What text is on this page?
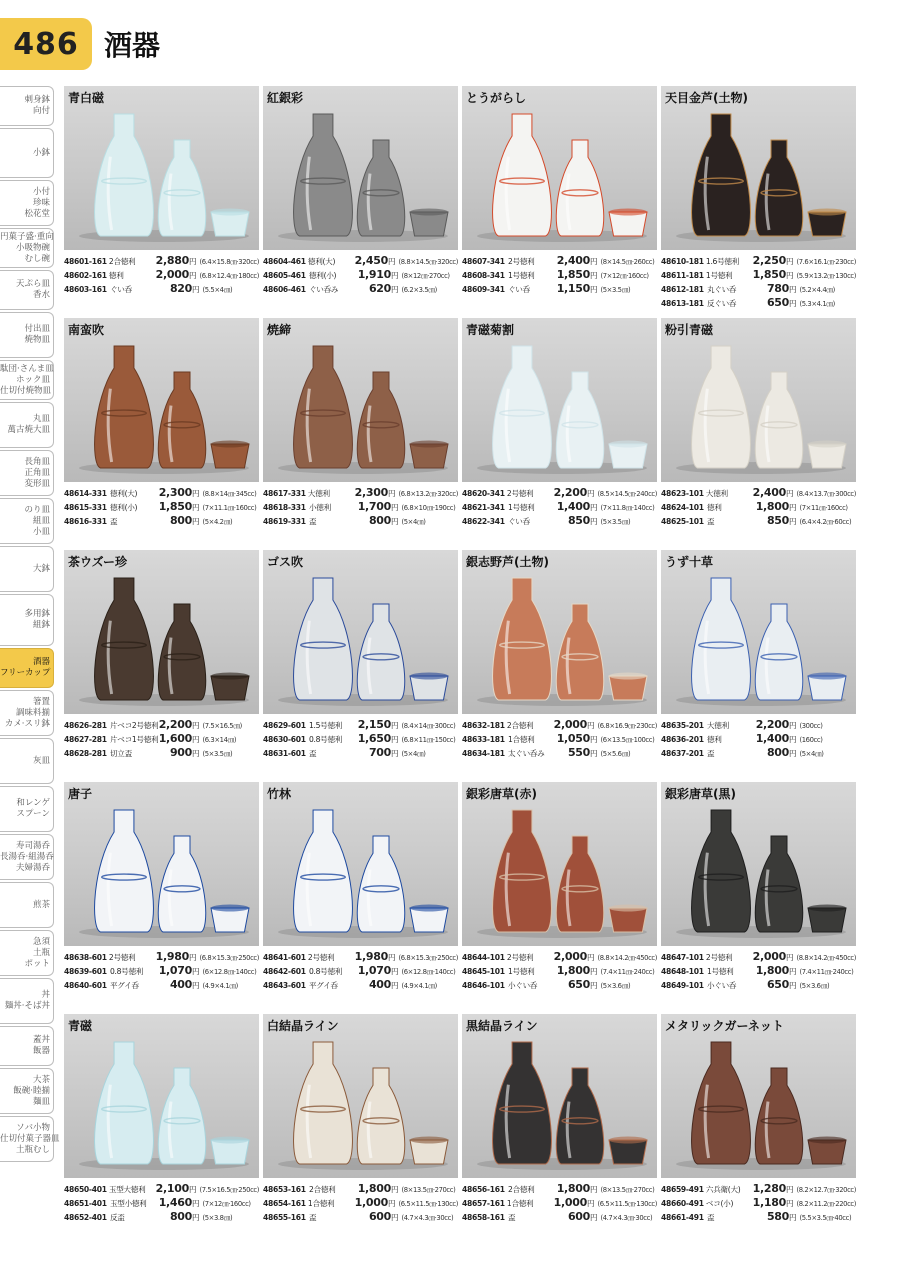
486 酒器
刺身鉢
向付
小鉢
小付
珍味
松花堂
円菓子盛·重向
小吸物碗
むし碗
天ぷら皿
香水
付出皿
焼物皿
駄団·さんま皿
ホック皿
仕切付焼物皿
丸皿
萬古焼大皿
長角皿
正角皿
変形皿
のり皿
組皿
小皿
大鉢
多用鉢
組鉢
酒器
フリーカップ
箸置
調味料揃
カメ·スリ鉢
灰皿
和レンゲ
スプーン
寿司湯呑
長湯呑·組湯呑
夫婦湯呑
煎茶
急須
土瓶
ポット
丼
麺丼·そば丼
蓋丼
飯器
大茶
飯碗·睦揃
麺皿
ソバ小物
仕切付菓子器皿
土瓶むし
青白磁
48601-161 2合徳利	2,880 円 (6.4×15.8㎝·320cc)
48602-161 徳利	2,000 円 (6.8×12.4㎝·180cc)
48603-161 ぐい呑	820 円 (5.5×4㎝)
紅銀彩
48604-461 徳利(大)	2,450 円 (8.8×14.5㎝·320cc)
48605-461 徳利(小)	1,910 円 (8×12㎝·270cc)
48606-461 ぐい呑み	620 円 (6.2×3.5㎝)
とうがらし
48607-341 2号徳利	2,400 円 (8×14.5㎝·260cc)
48608-341 1号徳利	1,850 円 (7×12㎝·160cc)
48609-341 ぐい呑	1,150 円 (5×3.5㎝)
天目金芦(土物)
48610-181 1.6号徳利	2,250 円 (7.6×16.1㎝·230cc)
48611-181 1号徳利	1,850 円 (5.9×13.2㎝·130cc)
48612-181 丸ぐい呑	780 円 (5.2×4.4㎝)
48613-181 反ぐい呑	650 円 (5.3×4.1㎝)
南蛮吹
48614-331 徳利(大)	2,300 円 (8.8×14㎝·345cc)
48615-331 徳利(小)	1,850 円 (7×11.1㎝·160cc)
48616-331 盃	800 円 (5×4.2㎝)
焼締
48617-331 大徳利	2,300 円 (6.8×13.2㎝·320cc)
48618-331 小徳利	1,700 円 (6.8×10㎝·190cc)
48619-331 盃	800 円 (5×4㎝)
青磁菊割
48620-341 2号徳利	2,200 円 (8.5×14.5㎝·240cc)
48621-341 1号徳利	1,400 円 (7×11.8㎝·140cc)
48622-341 ぐい呑	850 円 (5×3.5㎝)
粉引青磁
48623-101 大徳利	2,400 円 (8.4×13.7㎝·300cc)
48624-101 徳利	1,800 円 (7×11㎝·160cc)
48625-101 盃	850 円 (6.4×4.2㎝·60cc)
茶ウズー珍
48626-281 片ベコ2号徳利 2,200 円 (7.5×16.5㎝)
48627-281 片ベコ1号徳利 1,600 円 (6.3×14㎝)
48628-281 切立盃	900 円 (5×3.5㎝)
ゴス吹
48629-601 1.5号徳利	2,150 円 (8.4×14㎝·300cc)
48630-601 0.8号徳利	1,650 円 (6.8×11㎝·150cc)
48631-601 盃	700 円 (5×4㎝)
銀志野芦(土物)
48632-181 2合徳利	2,000 円 (6.8×16.9㎝·230cc)
48633-181 1合徳利	1,050 円 (6×13.5㎝·100cc)
48634-181 太ぐい呑み	550 円 (5×5.6㎝)
うず十草
48635-201 大徳利	2,200 円 (300cc)
48636-201 徳利	1,400 円 (160cc)
48637-201 盃	800 円 (5×4㎝)
唐子
48638-601 2号徳利	1,980 円 (6.8×15.3㎝·250cc)
48639-601 0.8号徳利	1,070 円 (6×12.8㎝·140cc)
48640-601 平グイ呑	400 円 (4.9×4.1㎝)
竹林
48641-601 2号徳利	1,980 円 (6.8×15.3㎝·250cc)
48642-601 0.8号徳利	1,070 円 (6×12.8㎝·140cc)
48643-601 平グイ呑	400 円 (4.9×4.1㎝)
銀彩唐草(赤)
48644-101 2号徳利	2,000 円 (8.8×14.2㎝·450cc)
48645-101 1号徳利	1,800 円 (7.4×11㎝·240cc)
48646-101 小ぐい呑	650 円 (5×3.6㎝)
銀彩唐草(黒)
48647-101 2号徳利	2,000 円 (8.8×14.2㎝·450cc)
48648-101 1号徳利	1,800 円 (7.4×11㎝·240cc)
48649-101 小ぐい呑	650 円 (5×3.6㎝)
青磁
48650-401 玉型大徳利 2,100 円 (7.5×16.5㎝·250cc)
48651-401 玉型小徳利	1,460 円 (7×12㎝·160cc)
48652-401 反盃	800 円 (5×3.8㎝)
白結晶ライン
48653-161 2合徳利	1,800 円 (8×13.5㎝·270cc)
48654-161 1合徳利	1,000 円 (6.5×11.5㎝·130cc)
48655-161 盃	600 円 (4.7×4.3㎝·30cc)
黒結晶ライン
48656-161 2合徳利	1,800 円 (8×13.5㎝·270cc)
48657-161 1合徳利	1,000 円 (6.5×11.5㎝·130cc)
48658-161 盃	600 円 (4.7×4.3㎝·30cc)
メタリックガーネット
48659-491 六兵衛(大)	1,280 円 (8.2×12.7㎝·320cc)
48660-491 ベコ(小)	1,180 円 (8.2×11.2㎝·220cc)
48661-491 盃	580 円 (5.5×3.5㎝·40cc)
